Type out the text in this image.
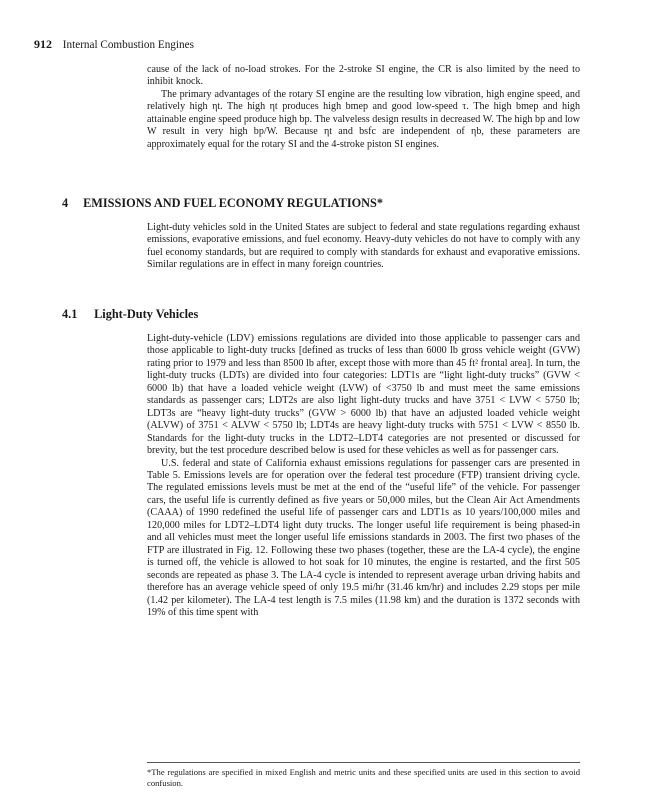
912 Internal Combustion Engines

cause of the lack of no-load strokes. For the 2-stroke SI engine, the CR is also limited by the need to inhibit knock.

The primary advantages of the rotary SI engine are the resulting low vibration, high engine speed, and relatively high ηt. The high ηt produces high bmep and good low-speed τ. The high bmep and high attainable engine speed produce high bp. The valveless design results in decreased W. The high bp and low W result in very high bp/W. Because ηt and bsfc are independent of ηb, these parameters are approximately equal for the rotary SI and the 4-stroke piston SI engines.

4 EMISSIONS AND FUEL ECONOMY REGULATIONS*

Light-duty vehicles sold in the United States are subject to federal and state regulations regarding exhaust emissions, evaporative emissions, and fuel economy. Heavy-duty vehicles do not have to comply with any fuel economy standards, but are required to comply with standards for exhaust and evaporative emissions. Similar regulations are in effect in many foreign countries.

4.1 Light-Duty Vehicles

Light-duty-vehicle (LDV) emissions regulations are divided into those applicable to passenger cars and those applicable to light-duty trucks [defined as trucks of less than 6000 lb gross vehicle weight (GVW) rating prior to 1979 and less than 8500 lb after, except those with more than 45 ft² frontal area]. In turn, the light-duty trucks (LDTs) are divided into four categories: LDT1s are “light light-duty trucks” (GVW < 6000 lb) that have a loaded vehicle weight (LVW) of <3750 lb and must meet the same emissions standards as passenger cars; LDT2s are also light light-duty trucks and have 3751 < LVW < 5750 lb; LDT3s are “heavy light-duty trucks” (GVW > 6000 lb) that have an adjusted loaded vehicle weight (ALVW) of 3751 < ALVW < 5750 lb; LDT4s are heavy light-duty trucks with 5751 < LVW < 8550 lb. Standards for the light-duty trucks in the LDT2–LDT4 categories are not presented or discussed for brevity, but the test procedure described below is used for these vehicles as well as for passenger cars.

U.S. federal and state of California exhaust emissions regulations for passenger cars are presented in Table 5. Emissions levels are for operation over the federal test procedure (FTP) transient driving cycle. The regulated emissions levels must be met at the end of the “useful life” of the vehicle. For passenger cars, the useful life is currently defined as five years or 50,000 miles, but the Clean Air Act Amendments (CAAA) of 1990 redefined the useful life of passenger cars and LDT1s as 10 years/100,000 miles and 120,000 miles for LDT2–LDT4 light duty trucks. The longer useful life requirement is being phased-in and all vehicles must meet the longer useful life emissions standards in 2003. The first two phases of the FTP are illustrated in Fig. 12. Following these two phases (together, these are the LA-4 cycle), the engine is turned off, the vehicle is allowed to hot soak for 10 minutes, the engine is restarted, and the first 505 seconds are repeated as phase 3. The LA-4 cycle is intended to represent average urban driving habits and therefore has an average vehicle speed of only 19.5 mi/hr (31.46 km/hr) and includes 2.29 stops per mile (1.42 per kilometer). The LA-4 test length is 7.5 miles (11.98 km) and the duration is 1372 seconds with 19% of this time spent with

*The regulations are specified in mixed English and metric units and these specified units are used in this section to avoid confusion.
